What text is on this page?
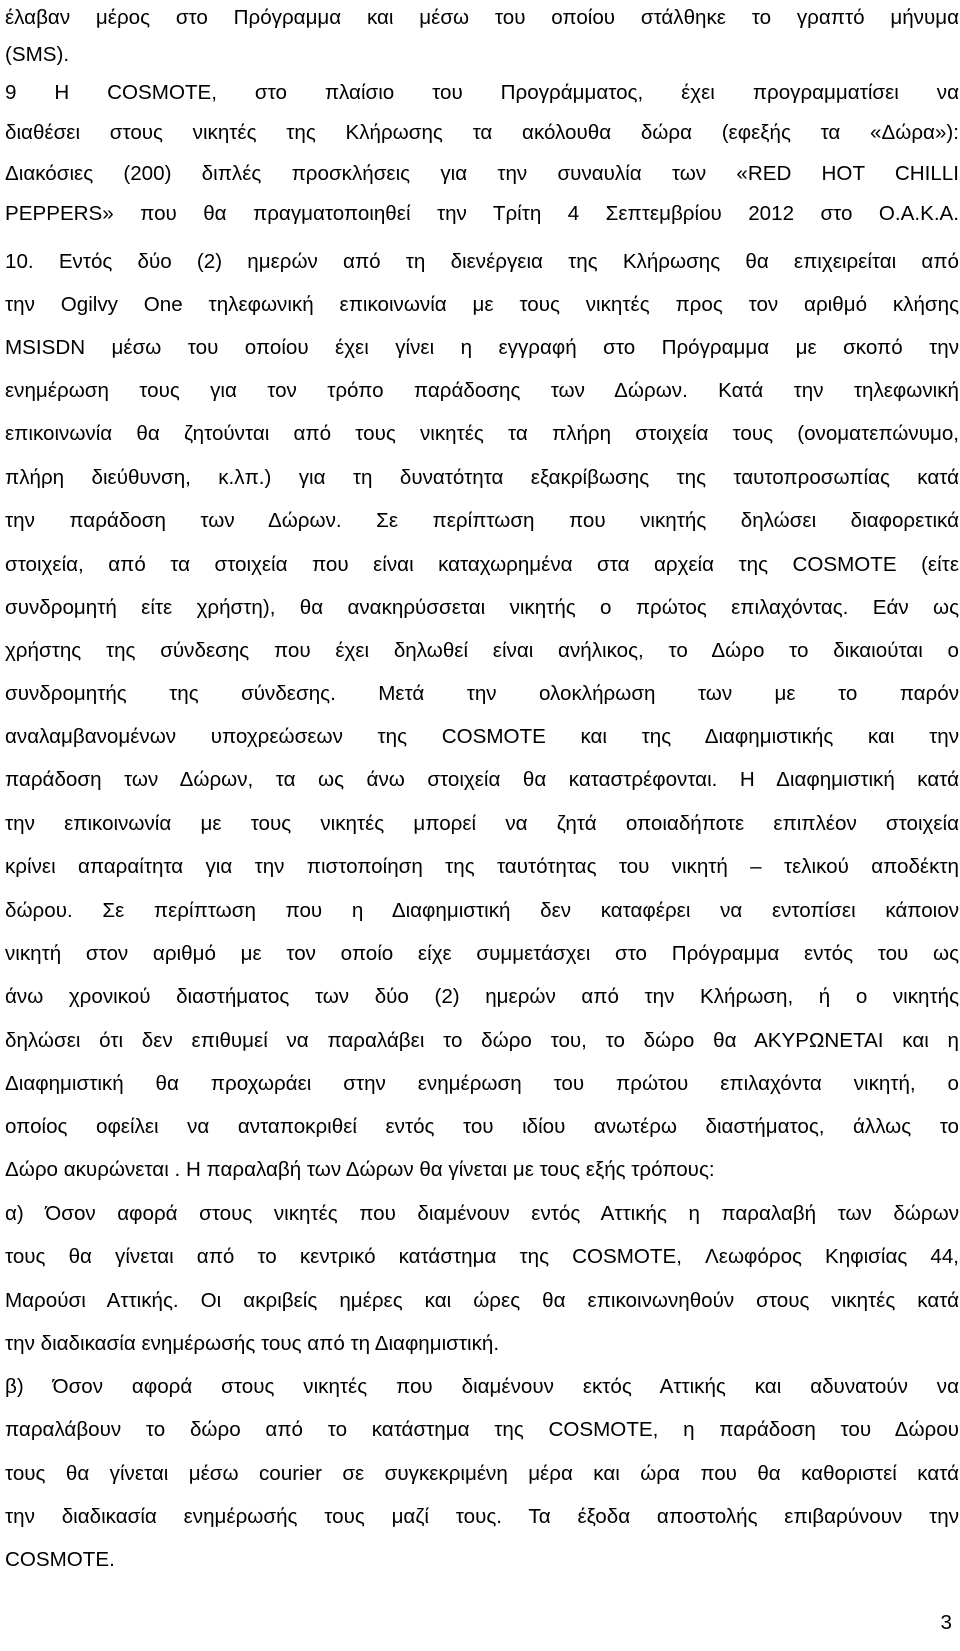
έλαβαν μέρος στο Πρόγραμμα και μέσω του οποίου στάλθηκε το γραπτό μήνυμα
(SMS).
9 Η COSMOTE, στο πλαίσιο του Προγράμματος, έχει προγραμματίσει να
διαθέσει στους νικητές της Κλήρωσης τα ακόλουθα δώρα (εφεξής τα «Δώρα»):
Διακόσιες (200) διπλές προσκλήσεις για την συναυλία των «RED HOT CHILLI
PEPPERS» που θα πραγματοποιηθεί την Τρίτη 4 Σεπτεμβρίου 2012 στο Ο.Α.Κ.Α.
10. Εντός δύο (2) ημερών από τη διενέργεια της Κλήρωσης θα επιχειρείται από
την Ogilvy One τηλεφωνική επικοινωνία με τους νικητές προς τον αριθμό κλήσης
MSISDN μέσω του οποίου έχει γίνει η εγγραφή στο Πρόγραμμα με σκοπό την
ενημέρωση τους για τον τρόπο παράδοσης των Δώρων. Κατά την τηλεφωνική
επικοινωνία θα ζητούνται από τους νικητές τα πλήρη στοιχεία τους (ονοματεπώνυμο,
πλήρη διεύθυνση, κ.λπ.) για τη δυνατότητα εξακρίβωσης της ταυτοπροσωπίας κατά
την παράδοση των Δώρων. Σε περίπτωση που νικητής δηλώσει διαφορετικά
στοιχεία, από τα στοιχεία που είναι καταχωρημένα στα αρχεία της COSMOTE (είτε
συνδρομητή είτε χρήστη), θα ανακηρύσσεται νικητής ο πρώτος επιλαχόντας. Εάν ως
χρήστης της σύνδεσης που έχει δηλωθεί είναι ανήλικος, το Δώρο το δικαιούται ο
συνδρομητής της σύνδεσης. Μετά την ολοκλήρωση των με το παρόν
αναλαμβανομένων υποχρεώσεων της COSMOTE και της Διαφημιστικής και την
παράδοση των Δώρων, τα ως άνω στοιχεία θα καταστρέφονται. Η Διαφημιστική κατά
την επικοινωνία με τους νικητές μπορεί να ζητά οποιαδήποτε επιπλέον στοιχεία
κρίνει απαραίτητα για την πιστοποίηση της ταυτότητας του νικητή – τελικού αποδέκτη
δώρου. Σε περίπτωση που η Διαφημιστική δεν καταφέρει να εντοπίσει κάποιον
νικητή στον αριθμό με τον οποίο είχε συμμετάσχει στο Πρόγραμμα εντός του ως
άνω χρονικού διαστήματος των δύο (2) ημερών από την Κλήρωση, ή ο νικητής
δηλώσει ότι δεν επιθυμεί να παραλάβει το δώρο του, το δώρο θα ΑΚΥΡΩΝΕΤΑΙ και η
Διαφημιστική θα προχωράει στην ενημέρωση του πρώτου επιλαχόντα νικητή, ο
οποίος οφείλει να ανταποκριθεί εντός του ιδίου ανωτέρω διαστήματος, άλλως το
Δώρο ακυρώνεται . Η παραλαβή των Δώρων θα γίνεται με τους εξής τρόπους:
α) Όσον αφορά στους νικητές που διαμένουν εντός Αττικής η παραλαβή των δώρων
τους θα γίνεται από το κεντρικό κατάστημα της COSMOTE, Λεωφόρος Κηφισίας 44,
Μαρούσι Αττικής. Οι ακριβείς ημέρες και ώρες θα επικοινωνηθούν στους νικητές κατά
την διαδικασία ενημέρωσής τους από τη Διαφημιστική.
β) Όσον αφορά στους νικητές που διαμένουν εκτός Αττικής και αδυνατούν να
παραλάβουν το δώρο από το κατάστημα της COSMOTE, η παράδοση του Δώρου
τους θα γίνεται μέσω courier σε συγκεκριμένη μέρα και ώρα που θα καθοριστεί κατά
την διαδικασία ενημέρωσής τους μαζί τους. Τα έξοδα αποστολής επιβαρύνουν την
COSMOTE.
3
